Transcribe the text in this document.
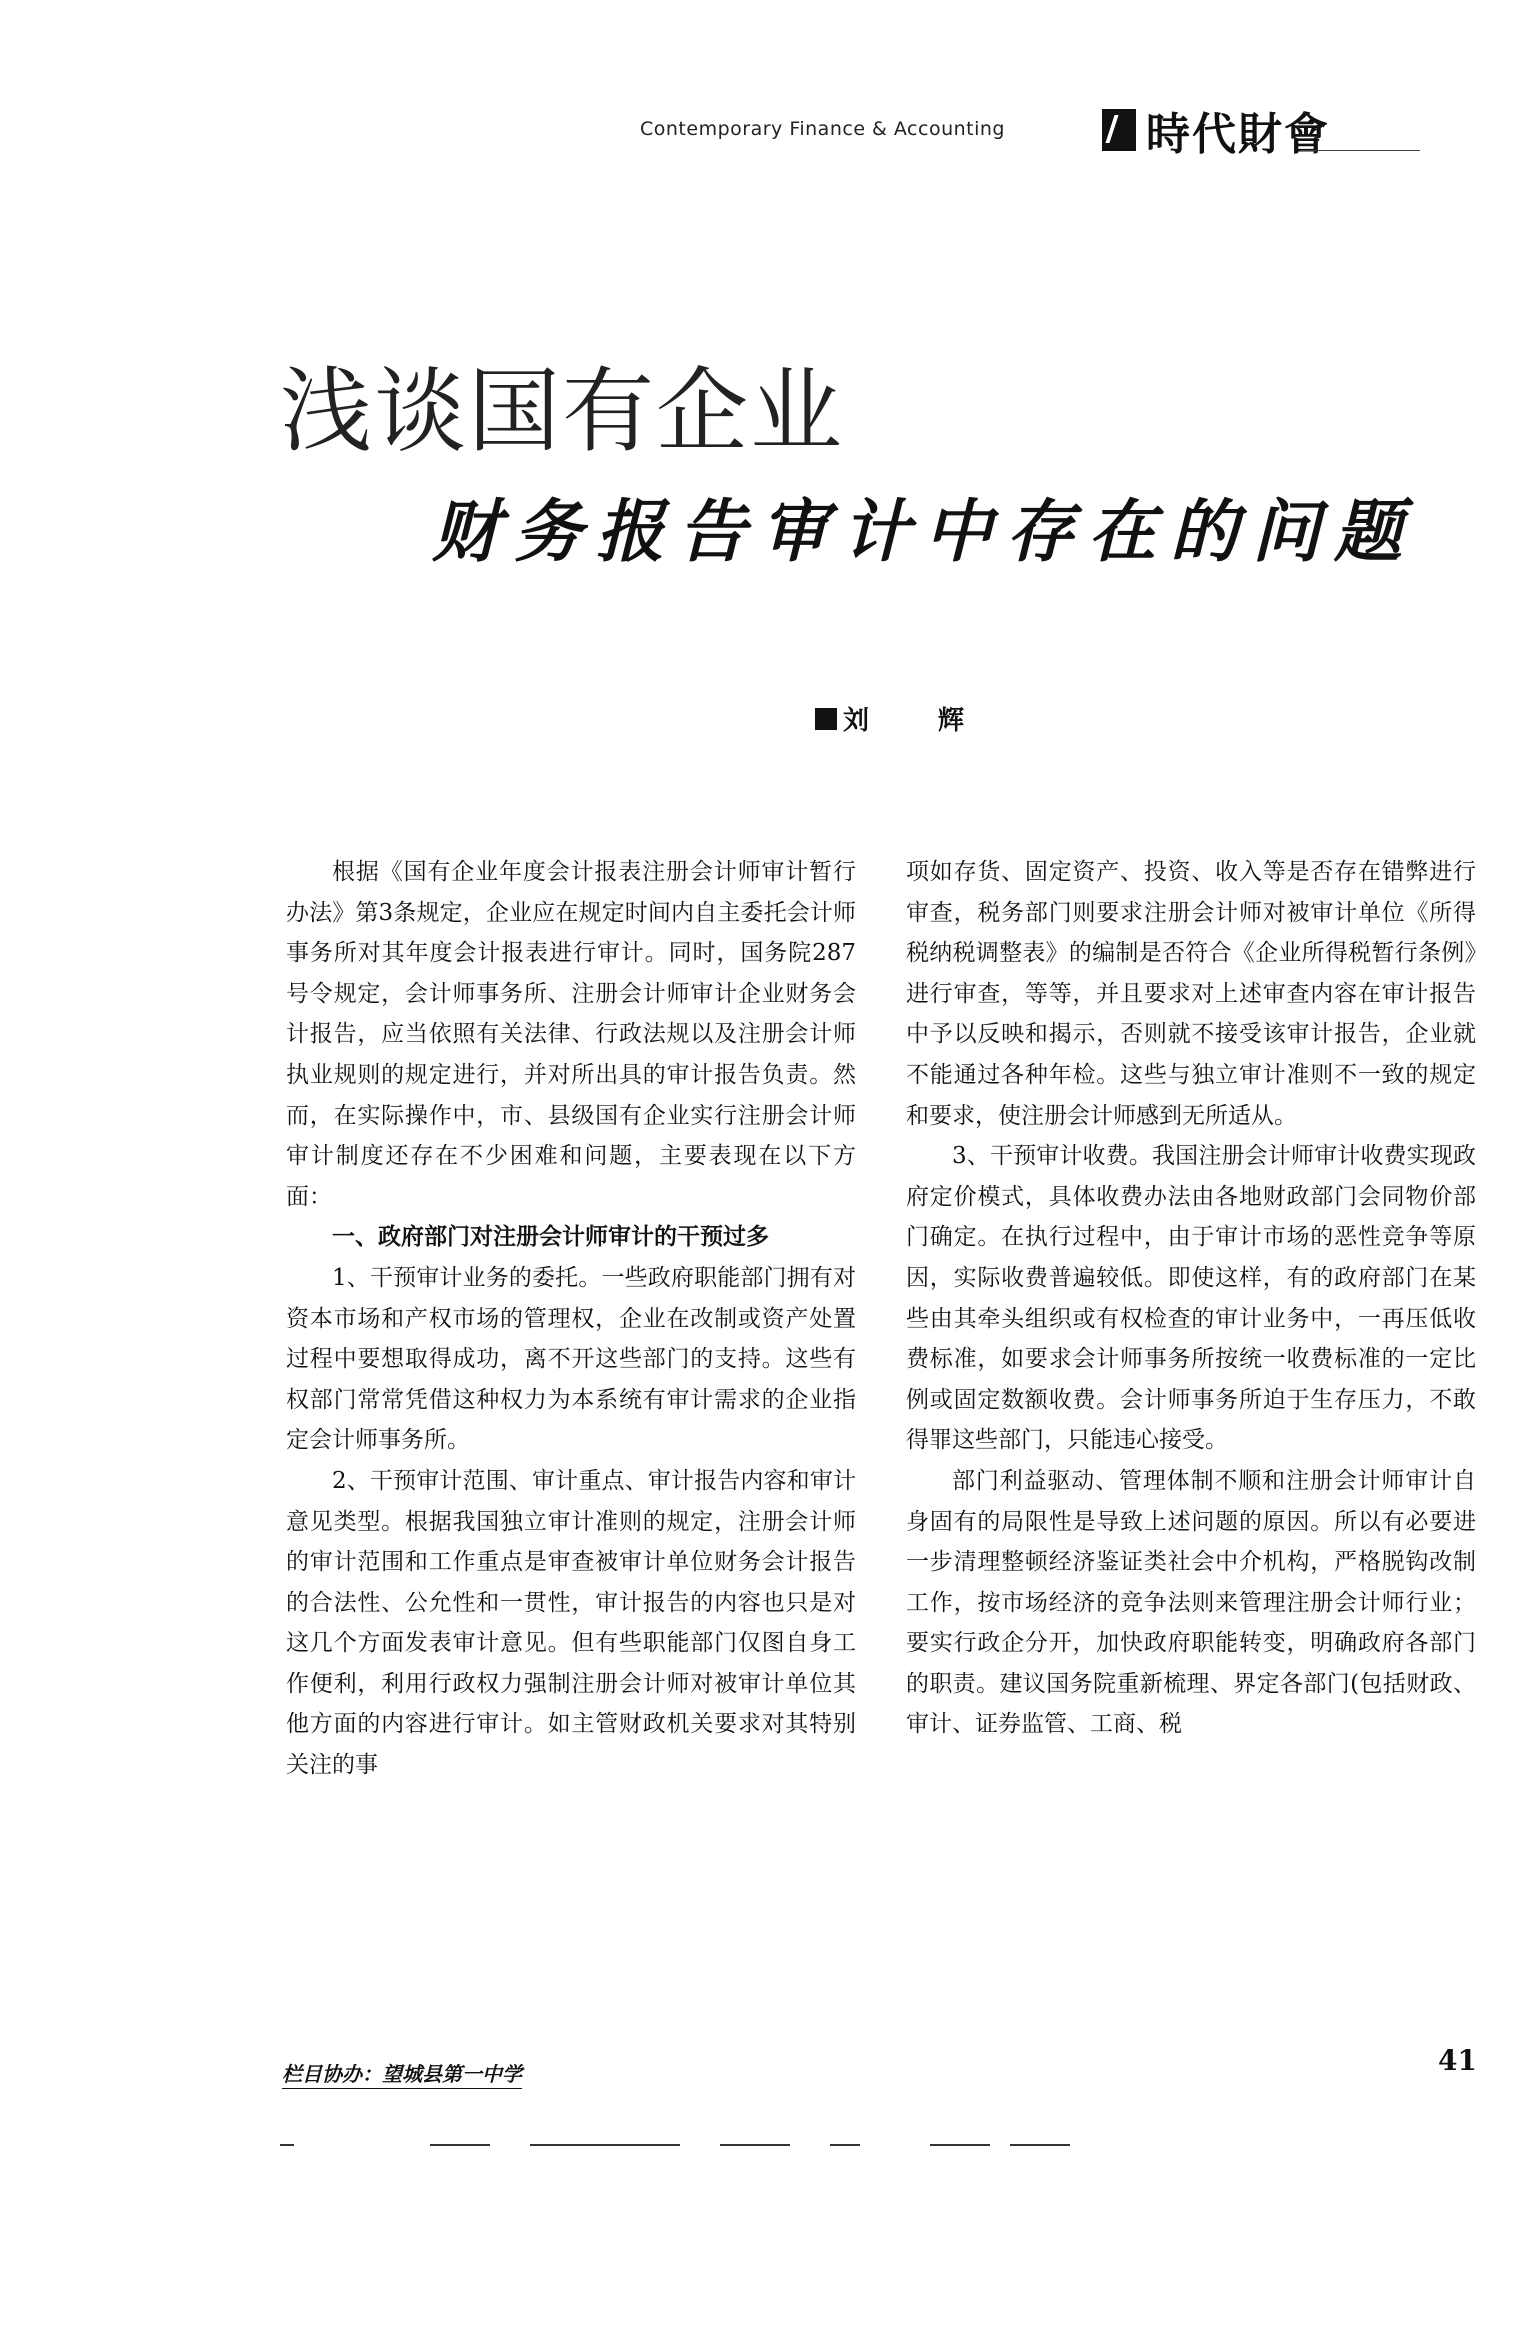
Contemporary Finance & Accounting	時代財會
浅谈国有企业
财务报告审计中存在的问题
刘 辉

根据《国有企业年度会计报表注册会计师审计暂行办法》第3条规定，企业应在规定时间内自主委托会计师事务所对其年度会计报表进行审计。同时，国务院287号令规定，会计师事务所、注册会计师审计企业财务会计报告，应当依照有关法律、行政法规以及注册会计师执业规则的规定进行，并对所出具的审计报告负责。然而，在实际操作中，市、县级国有企业实行注册会计师审计制度还存在不少困难和问题，主要表现在以下方面：

一、政府部门对注册会计师审计的干预过多

1、干预审计业务的委托。一些政府职能部门拥有对资本市场和产权市场的管理权，企业在改制或资产处置过程中要想取得成功，离不开这些部门的支持。这些有权部门常常凭借这种权力为本系统有审计需求的企业指定会计师事务所。

2、干预审计范围、审计重点、审计报告内容和审计意见类型。根据我国独立审计准则的规定，注册会计师的审计范围和工作重点是审查被审计单位财务会计报告的合法性、公允性和一贯性，审计报告的内容也只是对这几个方面发表审计意见。但有些职能部门仅图自身工作便利，利用行政权力强制注册会计师对被审计单位其他方面的内容进行审计。如主管财政机关要求对其特别关注的事

项如存货、固定资产、投资、收入等是否存在错弊进行审查，税务部门则要求注册会计师对被审计单位《所得税纳税调整表》的编制是否符合《企业所得税暂行条例》进行审查，等等，并且要求对上述审查内容在审计报告中予以反映和揭示，否则就不接受该审计报告，企业就不能通过各种年检。这些与独立审计准则不一致的规定和要求，使注册会计师感到无所适从。

3、干预审计收费。我国注册会计师审计收费实现政府定价模式，具体收费办法由各地财政部门会同物价部门确定。在执行过程中，由于审计市场的恶性竞争等原因，实际收费普遍较低。即使这样，有的政府部门在某些由其牵头组织或有权检查的审计业务中，一再压低收费标准，如要求会计师事务所按统一收费标准的一定比例或固定数额收费。会计师事务所迫于生存压力，不敢得罪这些部门，只能违心接受。

部门利益驱动、管理体制不顺和注册会计师审计自身固有的局限性是导致上述问题的原因。所以有必要进一步清理整顿经济鉴证类社会中介机构，严格脱钩改制工作，按市场经济的竞争法则来管理注册会计师行业；要实行政企分开，加快政府职能转变，明确政府各部门的职责。建议国务院重新梳理、界定各部门(包括财政、审计、证券监管、工商、税

栏目协办：望城县第一中学	41
